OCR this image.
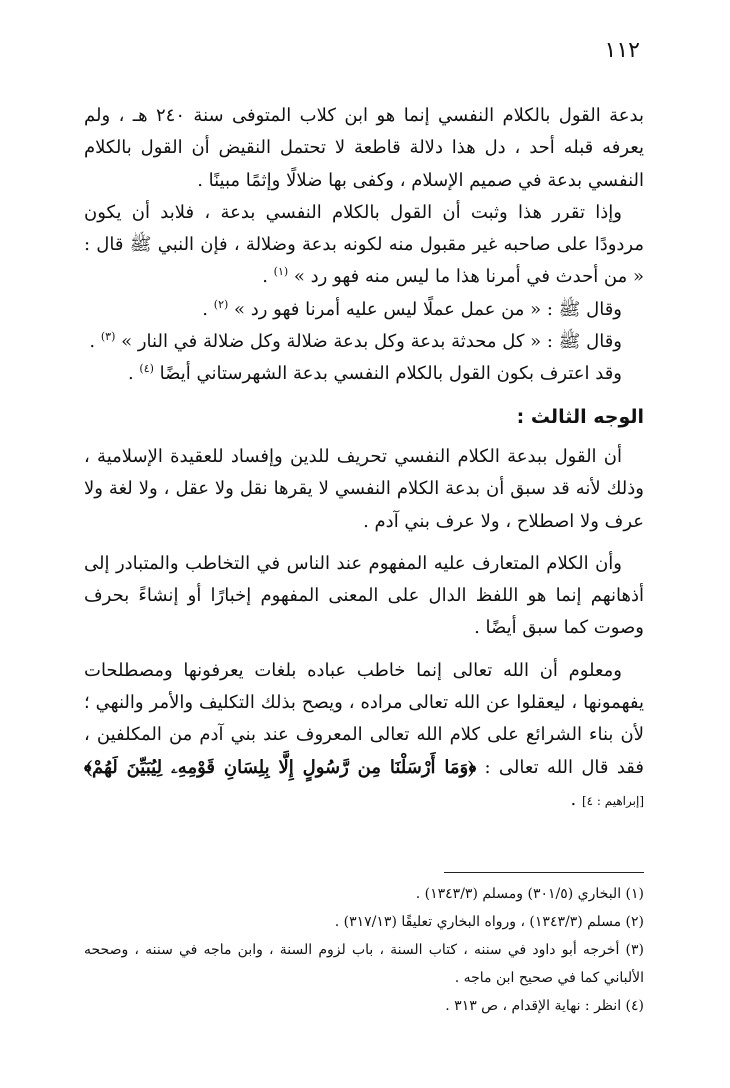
١١٢

بدعة القول بالكلام النفسي إنما هو ابن كلاب المتوفى سنة ٢٤٠ هـ ، ولم يعرفه قبله أحد ، دل هذا دلالة قاطعة لا تحتمل النقيض أن القول بالكلام النفسي بدعة في صميم الإسلام ، وكفى بها ضلالًا وإثمًا مبينًا .

وإذا تقرر هذا وثبت أن القول بالكلام النفسي بدعة ، فلابد أن يكون مردودًا على صاحبه غير مقبول منه لكونه بدعة وضلالة ، فإن النبي ﷺ قال : « من أحدث في أمرنا هذا ما ليس منه فهو رد » $^{(١)}$ .

وقال ﷺ : « من عمل عملًا ليس عليه أمرنا فهو رد » $^{(٢)}$ .

وقال ﷺ : « كل محدثة بدعة وكل بدعة ضلالة وكل ضلالة في النار » $^{(٣)}$ .

وقد اعترف بكون القول بالكلام النفسي بدعة الشهرستاني أيضًا $^{(٤)}$ .

الوجه الثالث :

أن القول ببدعة الكلام النفسي تحريف للدين وإفساد للعقيدة الإسلامية ، وذلك لأنه قد سبق أن بدعة الكلام النفسي لا يقرها نقل ولا عقل ، ولا لغة ولا عرف ولا اصطلاح ، ولا عرف بني آدم .

وأن الكلام المتعارف عليه المفهوم عند الناس في التخاطب والمتبادر إلى أذهانهم إنما هو اللفظ الدال على المعنى المفهوم إخبارًا أو إنشاءً بحرف وصوت كما سبق أيضًا .

ومعلوم أن الله تعالى إنما خاطب عباده بلغات يعرفونها ومصطلحات يفهمونها ، ليعقلوا عن الله تعالى مراده ، ويصح بذلك التكليف والأمر والنهي ؛ لأن بناء الشرائع على كلام الله تعالى المعروف عند بني آدم من المكلفين ، فقد قال الله تعالى : ﴿وَمَا أَرْسَلْنَا مِن رَّسُولٍ إِلَّا بِلِسَانِ قَوْمِهِۦ لِيُبَيِّنَ لَهُمْ﴾ [إبراهيم : ٤] .

(١) البخاري (٣٠١/٥) ومسلم (١٣٤٣/٣) .

(٢) مسلم (١٣٤٣/٣) ، ورواه البخاري تعليقًا (٣١٧/١٣) .

(٣) أخرجه أبو داود في سننه ، كتاب السنة ، باب لزوم السنة ، وابن ماجه في سننه ، وصححه الألباني كما في صحيح ابن ماجه .

(٤) انظر : نهاية الإقدام ، ص ٣١٣ .
